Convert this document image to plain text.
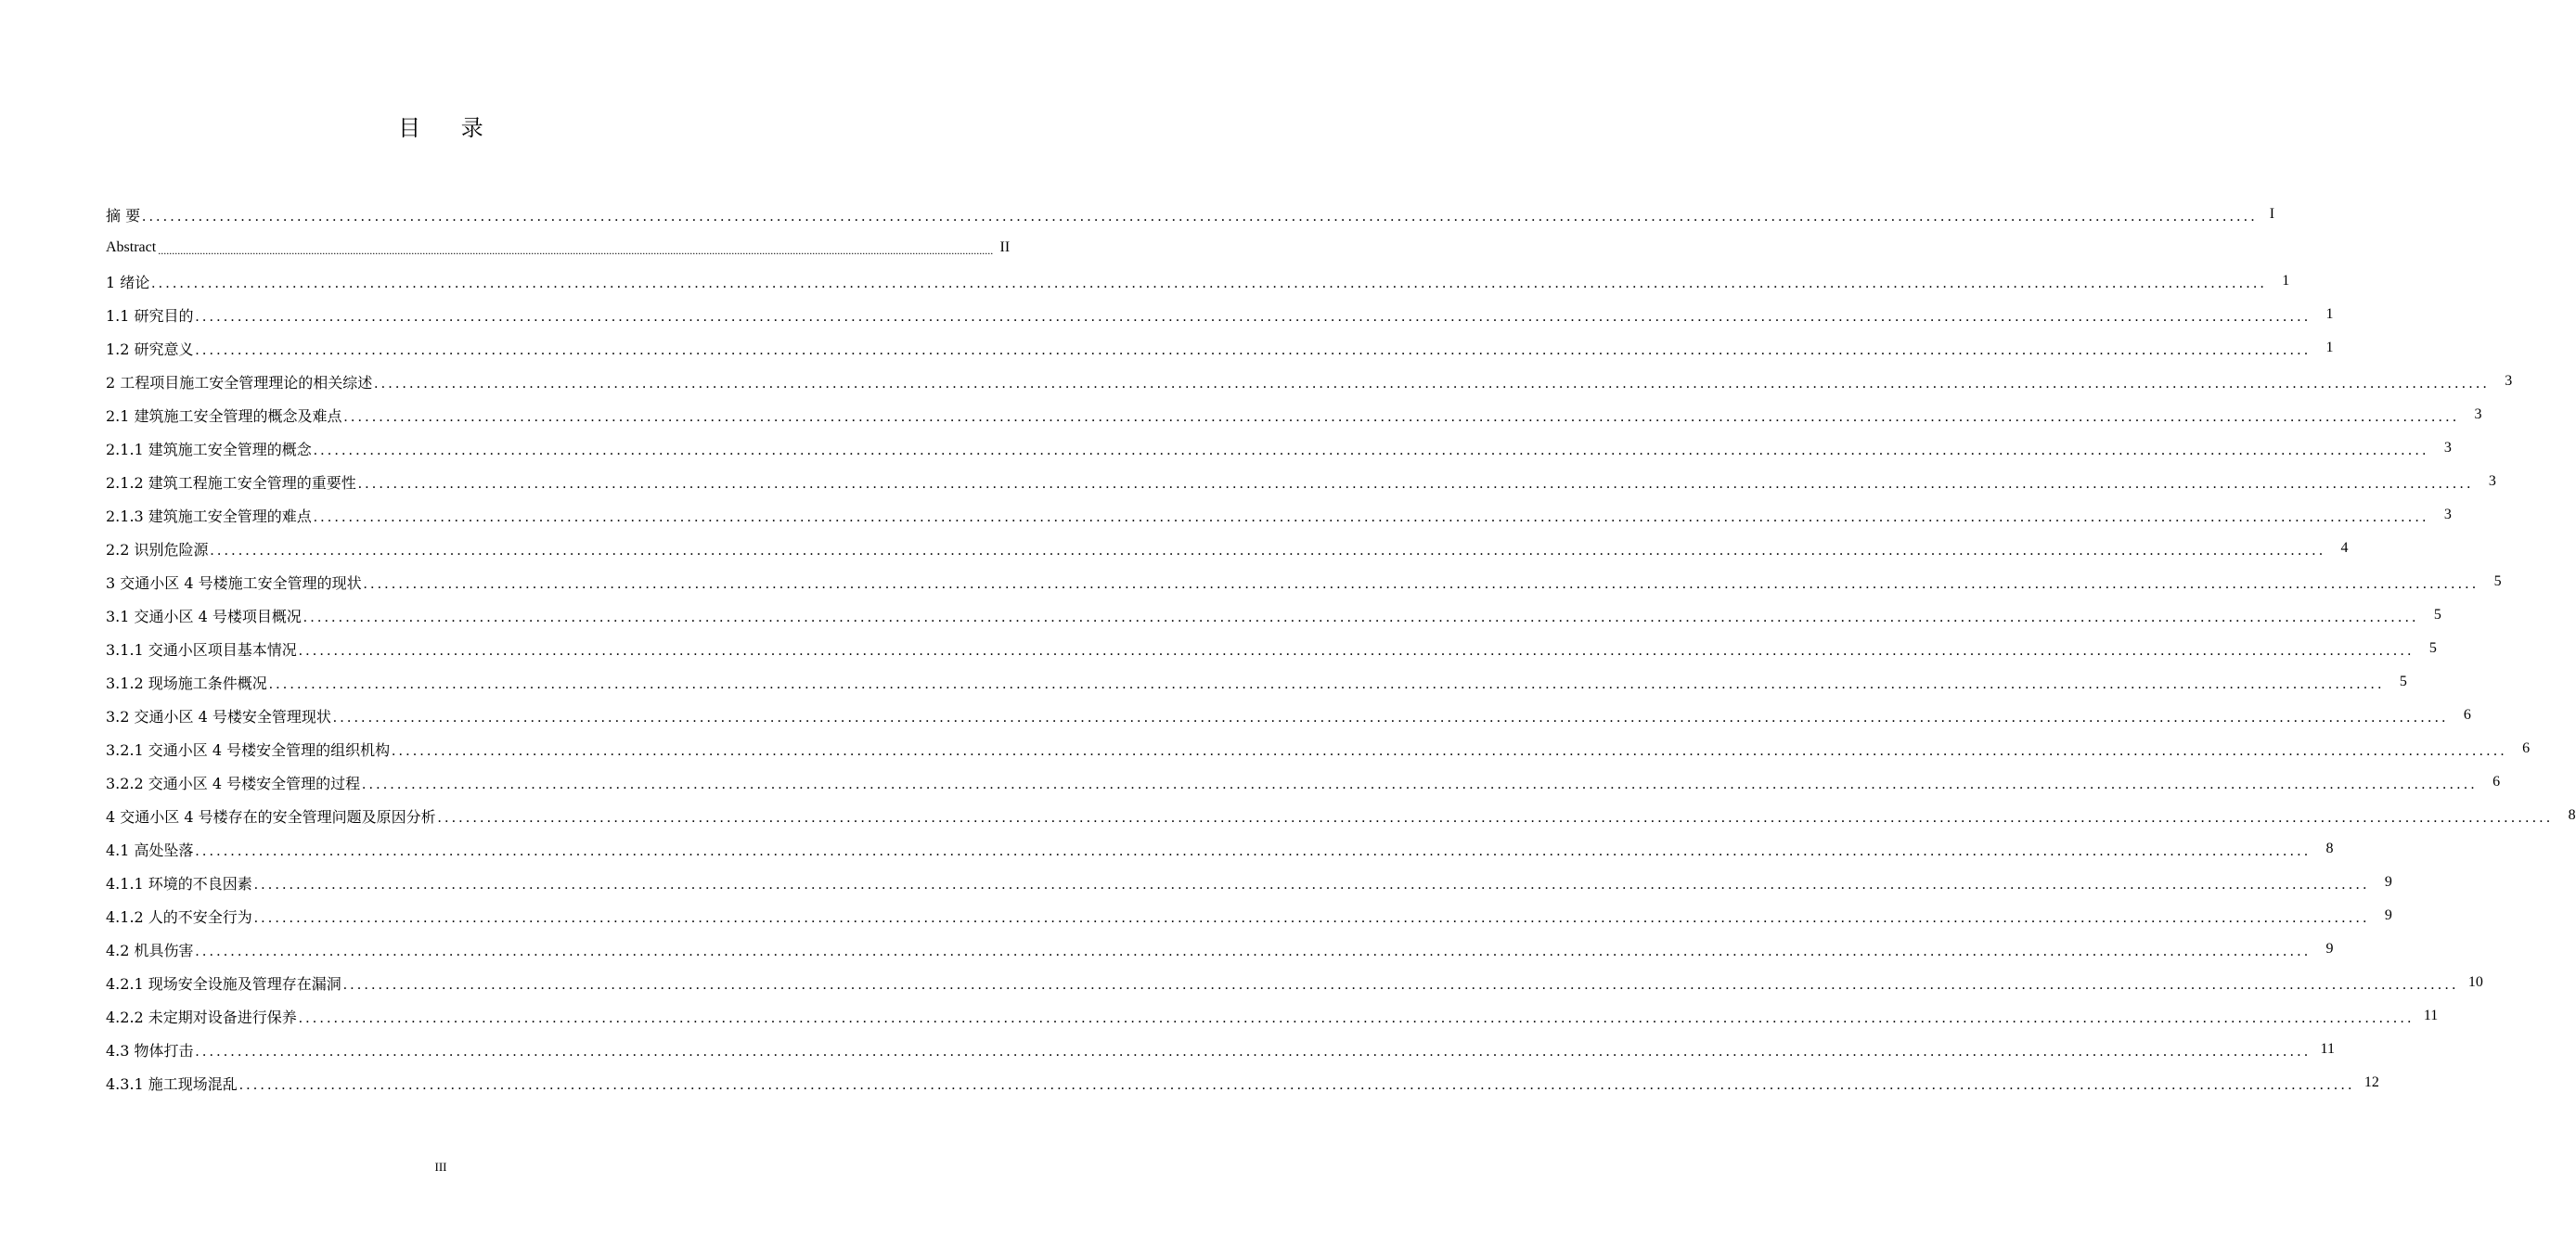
目 录
摘 要 ............................................................................................................................................................................................................................................................................................................ I
Abstract ............................................................................................................................................................................................................................................................................................................ II
1 绪论 ............................................................................................................................................................................................................................................................................................................	1
1.1 研究目的 ............................................................................................................................................................................................................................................................................................................	1
1.2 研究意义 ............................................................................................................................................................................................................................................................................................................	1
2 工程项目施工安全管理理论的相关综述 ............................................................................................................................................................................................................................................................................................................	3
2.1 建筑施工安全管理的概念及难点 ............................................................................................................................................................................................................................................................................................................	3
2.1.1 建筑施工安全管理的概念 ............................................................................................................................................................................................................................................................................................................	3
2.1.2 建筑工程施工安全管理的重要性 ............................................................................................................................................................................................................................................................................................................	3
2.1.3 建筑施工安全管理的难点 ............................................................................................................................................................................................................................................................................................................	3
2.2 识别危险源 ............................................................................................................................................................................................................................................................................................................	4
3 交通小区 4 号楼施工安全管理的现状 ............................................................................................................................................................................................................................................................................................................	5
3.1 交通小区 4 号楼项目概况 ............................................................................................................................................................................................................................................................................................................	5
3.1.1 交通小区项目基本情况 ............................................................................................................................................................................................................................................................................................................	5
3.1.2 现场施工条件概况 ............................................................................................................................................................................................................................................................................................................	5
3.2 交通小区 4 号楼安全管理现状 ............................................................................................................................................................................................................................................................................................................	6
3.2.1 交通小区 4 号楼安全管理的组织机构 ............................................................................................................................................................................................................................................................................................................	6
3.2.2 交通小区 4 号楼安全管理的过程 ............................................................................................................................................................................................................................................................................................................	6
4 交通小区 4 号楼存在的安全管理问题及原因分析 ............................................................................................................................................................................................................................................................................................................	8
4.1 高处坠落 ............................................................................................................................................................................................................................................................................................................	8
4.1.1 环境的不良因素 ............................................................................................................................................................................................................................................................................................................	9
4.1.2 人的不安全行为 ............................................................................................................................................................................................................................................................................................................	9
4.2 机具伤害 ............................................................................................................................................................................................................................................................................................................	9
4.2.1 现场安全设施及管理存在漏洞 ............................................................................................................................................................................................................................................................................................................ 10
4.2.2 未定期对设备进行保养 ............................................................................................................................................................................................................................................................................................................ 11
4.3 物体打击 ............................................................................................................................................................................................................................................................................................................ 11
4.3.1 施工现场混乱 ............................................................................................................................................................................................................................................................................................................ 12
III
